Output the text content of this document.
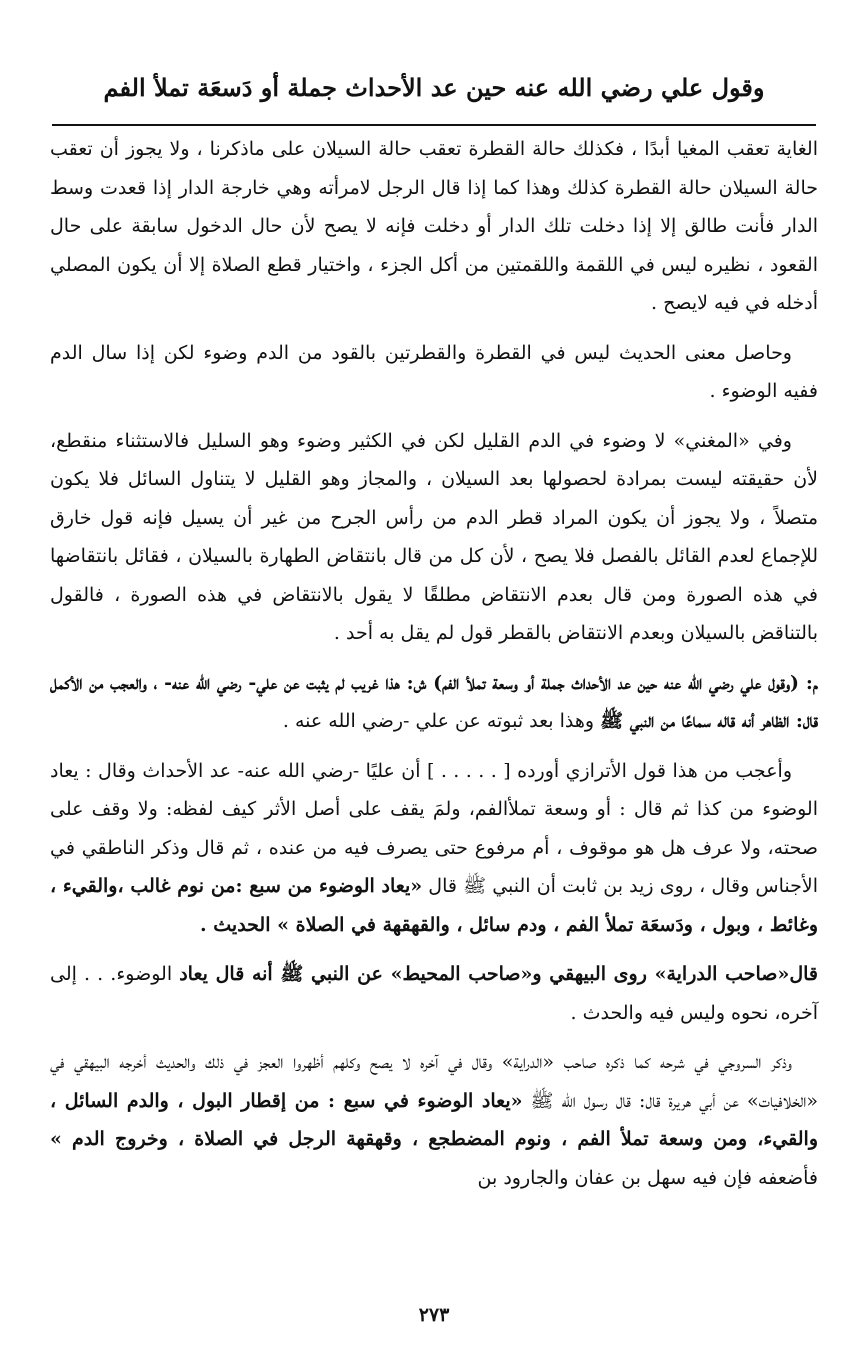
وقول علي رضي الله عنه حين عد الأحداث جملة أو دَسعَة تملأ الفم

الغاية تعقب المغيا أبدًا ، فكذلك حالة القطرة تعقب حالة السيلان على ماذكرنا ، ولا يجوز أن تعقب حالة السيلان حالة القطرة كذلك وهذا كما إذا قال الرجل لامرأته وهي خارجة الدار إذا قعدت وسط الدار فأنت طالق إلا إذا دخلت تلك الدار أو دخلت فإنه لا يصح لأن حال الدخول سابقة على حال القعود ، نظيره ليس في اللقمة واللقمتين من أكل الجزء ، واختيار قطع الصلاة إلا أن يكون المصلي أدخله في فيه لايصح .

وحاصل معنى الحديث ليس في القطرة والقطرتين بالقود من الدم وضوء لكن إذا سال الدم ففيه الوضوء .

وفي «المغني» لا وضوء في الدم القليل لكن في الكثير وضوء وهو السليل فالاستثناء منقطع، لأن حقيقته ليست بمرادة لحصولها بعد السيلان ، والمجاز وهو القليل لا يتناول السائل فلا يكون متصلاً ، ولا يجوز أن يكون المراد قطر الدم من رأس الجرح من غير أن يسيل فإنه قول خارق للإجماع لعدم القائل بالفصل فلا يصح ، لأن كل من قال بانتقاض الطهارة بالسيلان ، فقائل بانتقاضها في هذه الصورة ومن قال بعدم الانتقاض مطلقًا لا يقول بالانتقاض في هذه الصورة ، فالقول بالتناقض بالسيلان وبعدم الانتقاض بالقطر قول لم يقل به أحد .

م: (وقول علي رضي الله عنه حين عد الأحداث جملة أو وسعة تملأ الفم) ش: هذا غريب لم يثبت عن علي- رضي الله عنه- ، والعجب من الأكمل قال: الظاهر أنه قاله سماعًا من النبي ﷺ وهذا بعد ثبوته عن علي -رضي الله عنه .

وأعجب من هذا قول الأترازي أورده [ . . . . . ] أن عليًا -رضي الله عنه- عد الأحداث وقال : يعاد الوضوء من كذا ثم قال : أو وسعة تملأالفم، ولمَ يقف على أصل الأثر كيف لفظه: ولا وقف على صحته، ولا عرف هل هو موقوف ، أم مرفوع حتى يصرف فيه من عنده ، ثم قال وذكر الناطقي في الأجناس وقال ، روى زيد بن ثابت أن النبي ﷺ قال «يعاد الوضوء من سبع :من نوم غالب ،والقيء ، وغائط ، وبول ، ودَسعَة تملأ الفم ، ودم سائل ، والقهقهة في الصلاة » الحديث .

قال«صاحب الدراية» روى البيهقي و«صاحب المحيط» عن النبي ﷺ أنه قال يعاد الوضوء. . . إلى آخره، نحوه وليس فيه والحدث .

وذكر السروجي في شرحه كما ذكره صاحب «الدراية» وقال في آخره لا يصح وكلهم أظهروا العجز في ذلك والحديث أخرجه البيهقي في «الخلافيات» عن أبي هريرة قال: قال رسول الله ﷺ «يعاد الوضوء في سبع : من إقطار البول ، والدم السائل ، والقيء، ومن وسعة تملأ الفم ، ونوم المضطجع ، وقهقهة الرجل في الصلاة ، وخروج الدم » فأضعفه فإن فيه سهل بن عفان والجارود بن

٢٧٣
